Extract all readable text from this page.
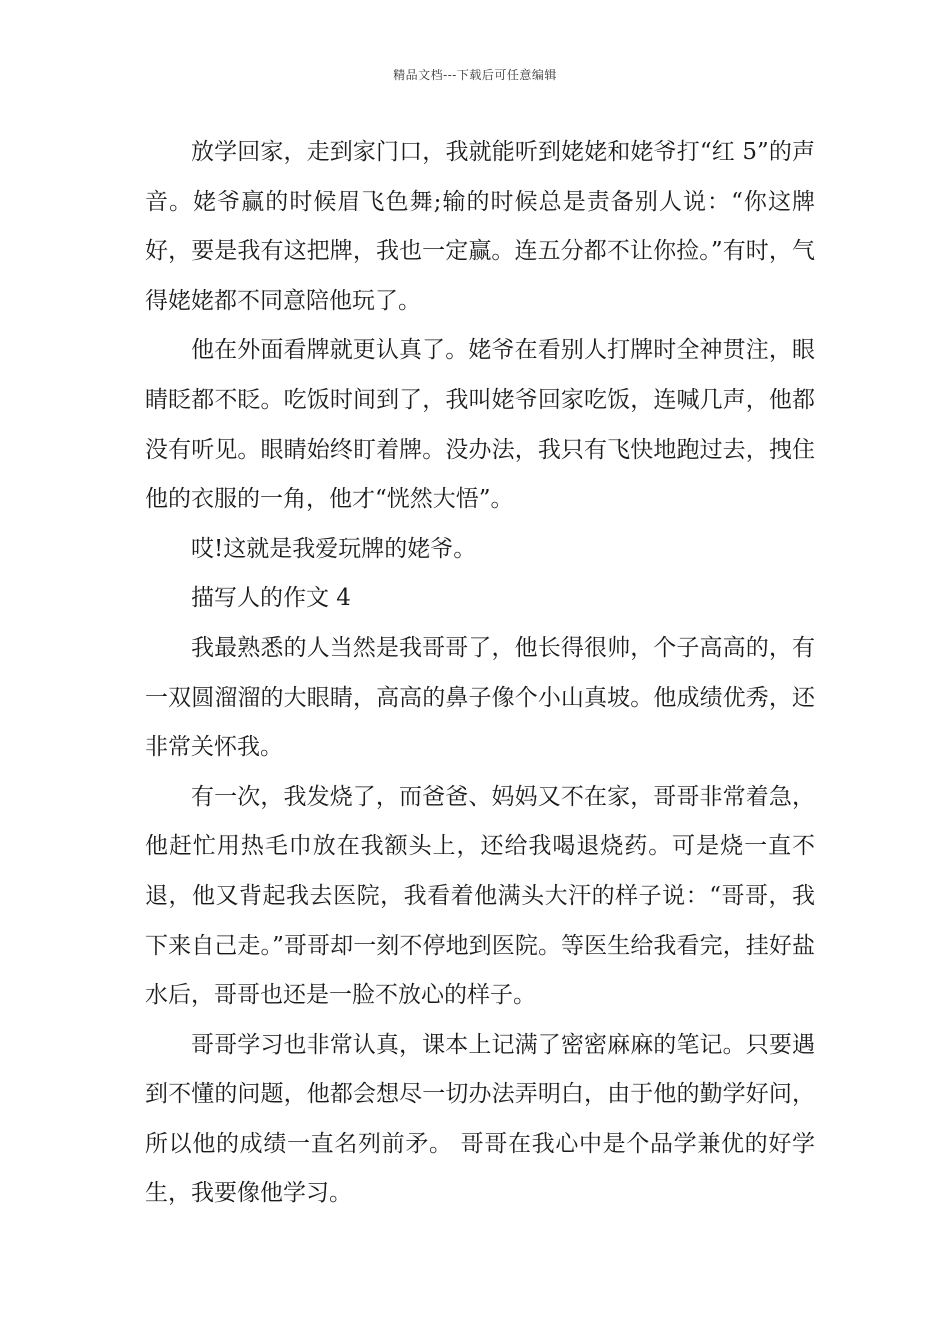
精品文档---下载后可任意编辑

放学回家，走到家门口，我就能听到姥姥和姥爷打“红 5”的声音。姥爷赢的时候眉飞色舞;输的时候总是责备别人说：“你这牌好，要是我有这把牌，我也一定赢。连五分都不让你捡。”有时，气得姥姥都不同意陪他玩了。

他在外面看牌就更认真了。姥爷在看别人打牌时全神贯注，眼睛眨都不眨。吃饭时间到了，我叫姥爷回家吃饭，连喊几声，他都没有听见。眼睛始终盯着牌。没办法，我只有飞快地跑过去，拽住他的衣服的一角，他才“恍然大悟”。

哎!这就是我爱玩牌的姥爷。

描写人的作文 4

我最熟悉的人当然是我哥哥了，他长得很帅，个子高高的，有一双圆溜溜的大眼睛，高高的鼻子像个小山真坡。他成绩优秀，还非常关怀我。

有一次，我发烧了，而爸爸、妈妈又不在家，哥哥非常着急，他赶忙用热毛巾放在我额头上，还给我喝退烧药。可是烧一直不退，他又背起我去医院，我看着他满头大汗的样子说：“哥哥，我下来自己走。”哥哥却一刻不停地到医院。等医生给我看完，挂好盐水后，哥哥也还是一脸不放心的样子。

哥哥学习也非常认真，课本上记满了密密麻麻的笔记。只要遇到不懂的问题，他都会想尽一切办法弄明白，由于他的勤学好问，所以他的成绩一直名列前矛。 哥哥在我心中是个品学兼优的好学生，我要像他学习。
